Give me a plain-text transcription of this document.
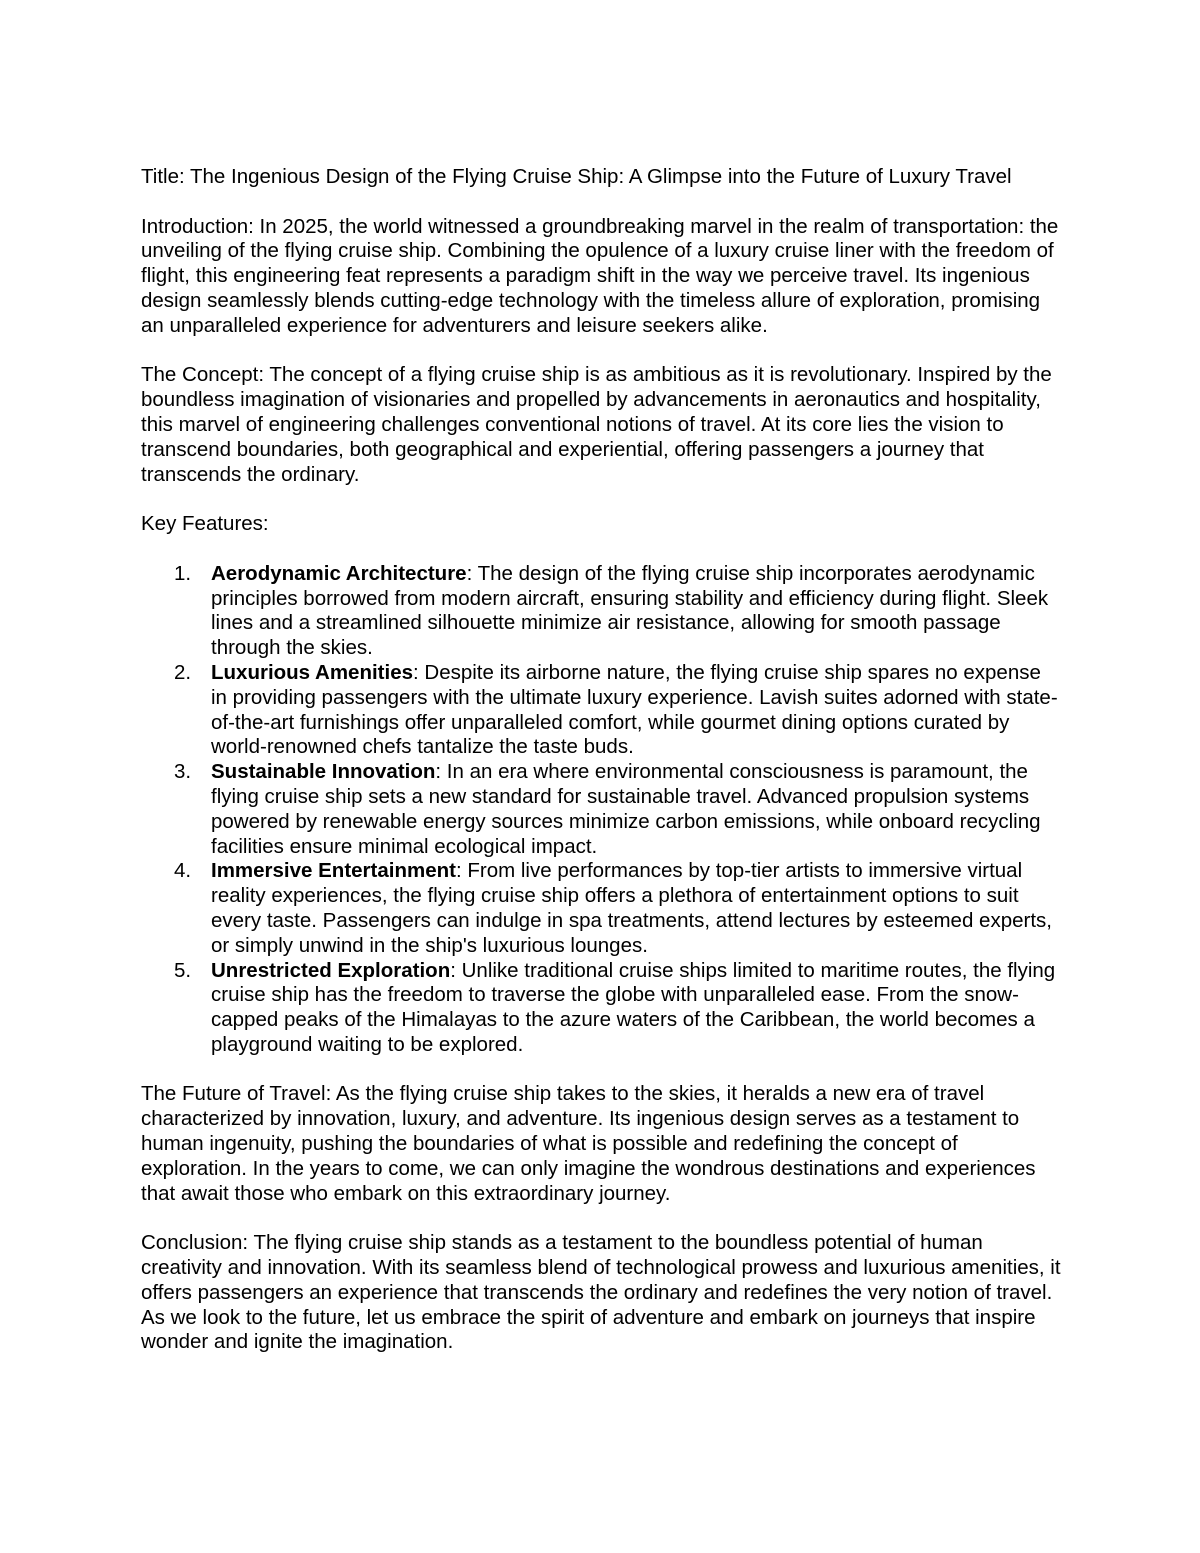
Title: The Ingenious Design of the Flying Cruise Ship: A Glimpse into the Future of Luxury Travel

Introduction: In 2025, the world witnessed a groundbreaking marvel in the realm of transportation: the unveiling of the flying cruise ship. Combining the opulence of a luxury cruise liner with the freedom of flight, this engineering feat represents a paradigm shift in the way we perceive travel. Its ingenious design seamlessly blends cutting-edge technology with the timeless allure of exploration, promising an unparalleled experience for adventurers and leisure seekers alike.

The Concept: The concept of a flying cruise ship is as ambitious as it is revolutionary. Inspired by the boundless imagination of visionaries and propelled by advancements in aeronautics and hospitality, this marvel of engineering challenges conventional notions of travel. At its core lies the vision to transcend boundaries, both geographical and experiential, offering passengers a journey that transcends the ordinary.

Key Features:

1. Aerodynamic Architecture: The design of the flying cruise ship incorporates aerodynamic principles borrowed from modern aircraft, ensuring stability and efficiency during flight. Sleek lines and a streamlined silhouette minimize air resistance, allowing for smooth passage through the skies.
2. Luxurious Amenities: Despite its airborne nature, the flying cruise ship spares no expense in providing passengers with the ultimate luxury experience. Lavish suites adorned with state-of-the-art furnishings offer unparalleled comfort, while gourmet dining options curated by world-renowned chefs tantalize the taste buds.
3. Sustainable Innovation: In an era where environmental consciousness is paramount, the flying cruise ship sets a new standard for sustainable travel. Advanced propulsion systems powered by renewable energy sources minimize carbon emissions, while onboard recycling facilities ensure minimal ecological impact.
4. Immersive Entertainment: From live performances by top-tier artists to immersive virtual reality experiences, the flying cruise ship offers a plethora of entertainment options to suit every taste. Passengers can indulge in spa treatments, attend lectures by esteemed experts, or simply unwind in the ship's luxurious lounges.
5. Unrestricted Exploration: Unlike traditional cruise ships limited to maritime routes, the flying cruise ship has the freedom to traverse the globe with unparalleled ease. From the snow-capped peaks of the Himalayas to the azure waters of the Caribbean, the world becomes a playground waiting to be explored.

The Future of Travel: As the flying cruise ship takes to the skies, it heralds a new era of travel characterized by innovation, luxury, and adventure. Its ingenious design serves as a testament to human ingenuity, pushing the boundaries of what is possible and redefining the concept of exploration. In the years to come, we can only imagine the wondrous destinations and experiences that await those who embark on this extraordinary journey.

Conclusion: The flying cruise ship stands as a testament to the boundless potential of human creativity and innovation. With its seamless blend of technological prowess and luxurious amenities, it offers passengers an experience that transcends the ordinary and redefines the very notion of travel. As we look to the future, let us embrace the spirit of adventure and embark on journeys that inspire wonder and ignite the imagination.
